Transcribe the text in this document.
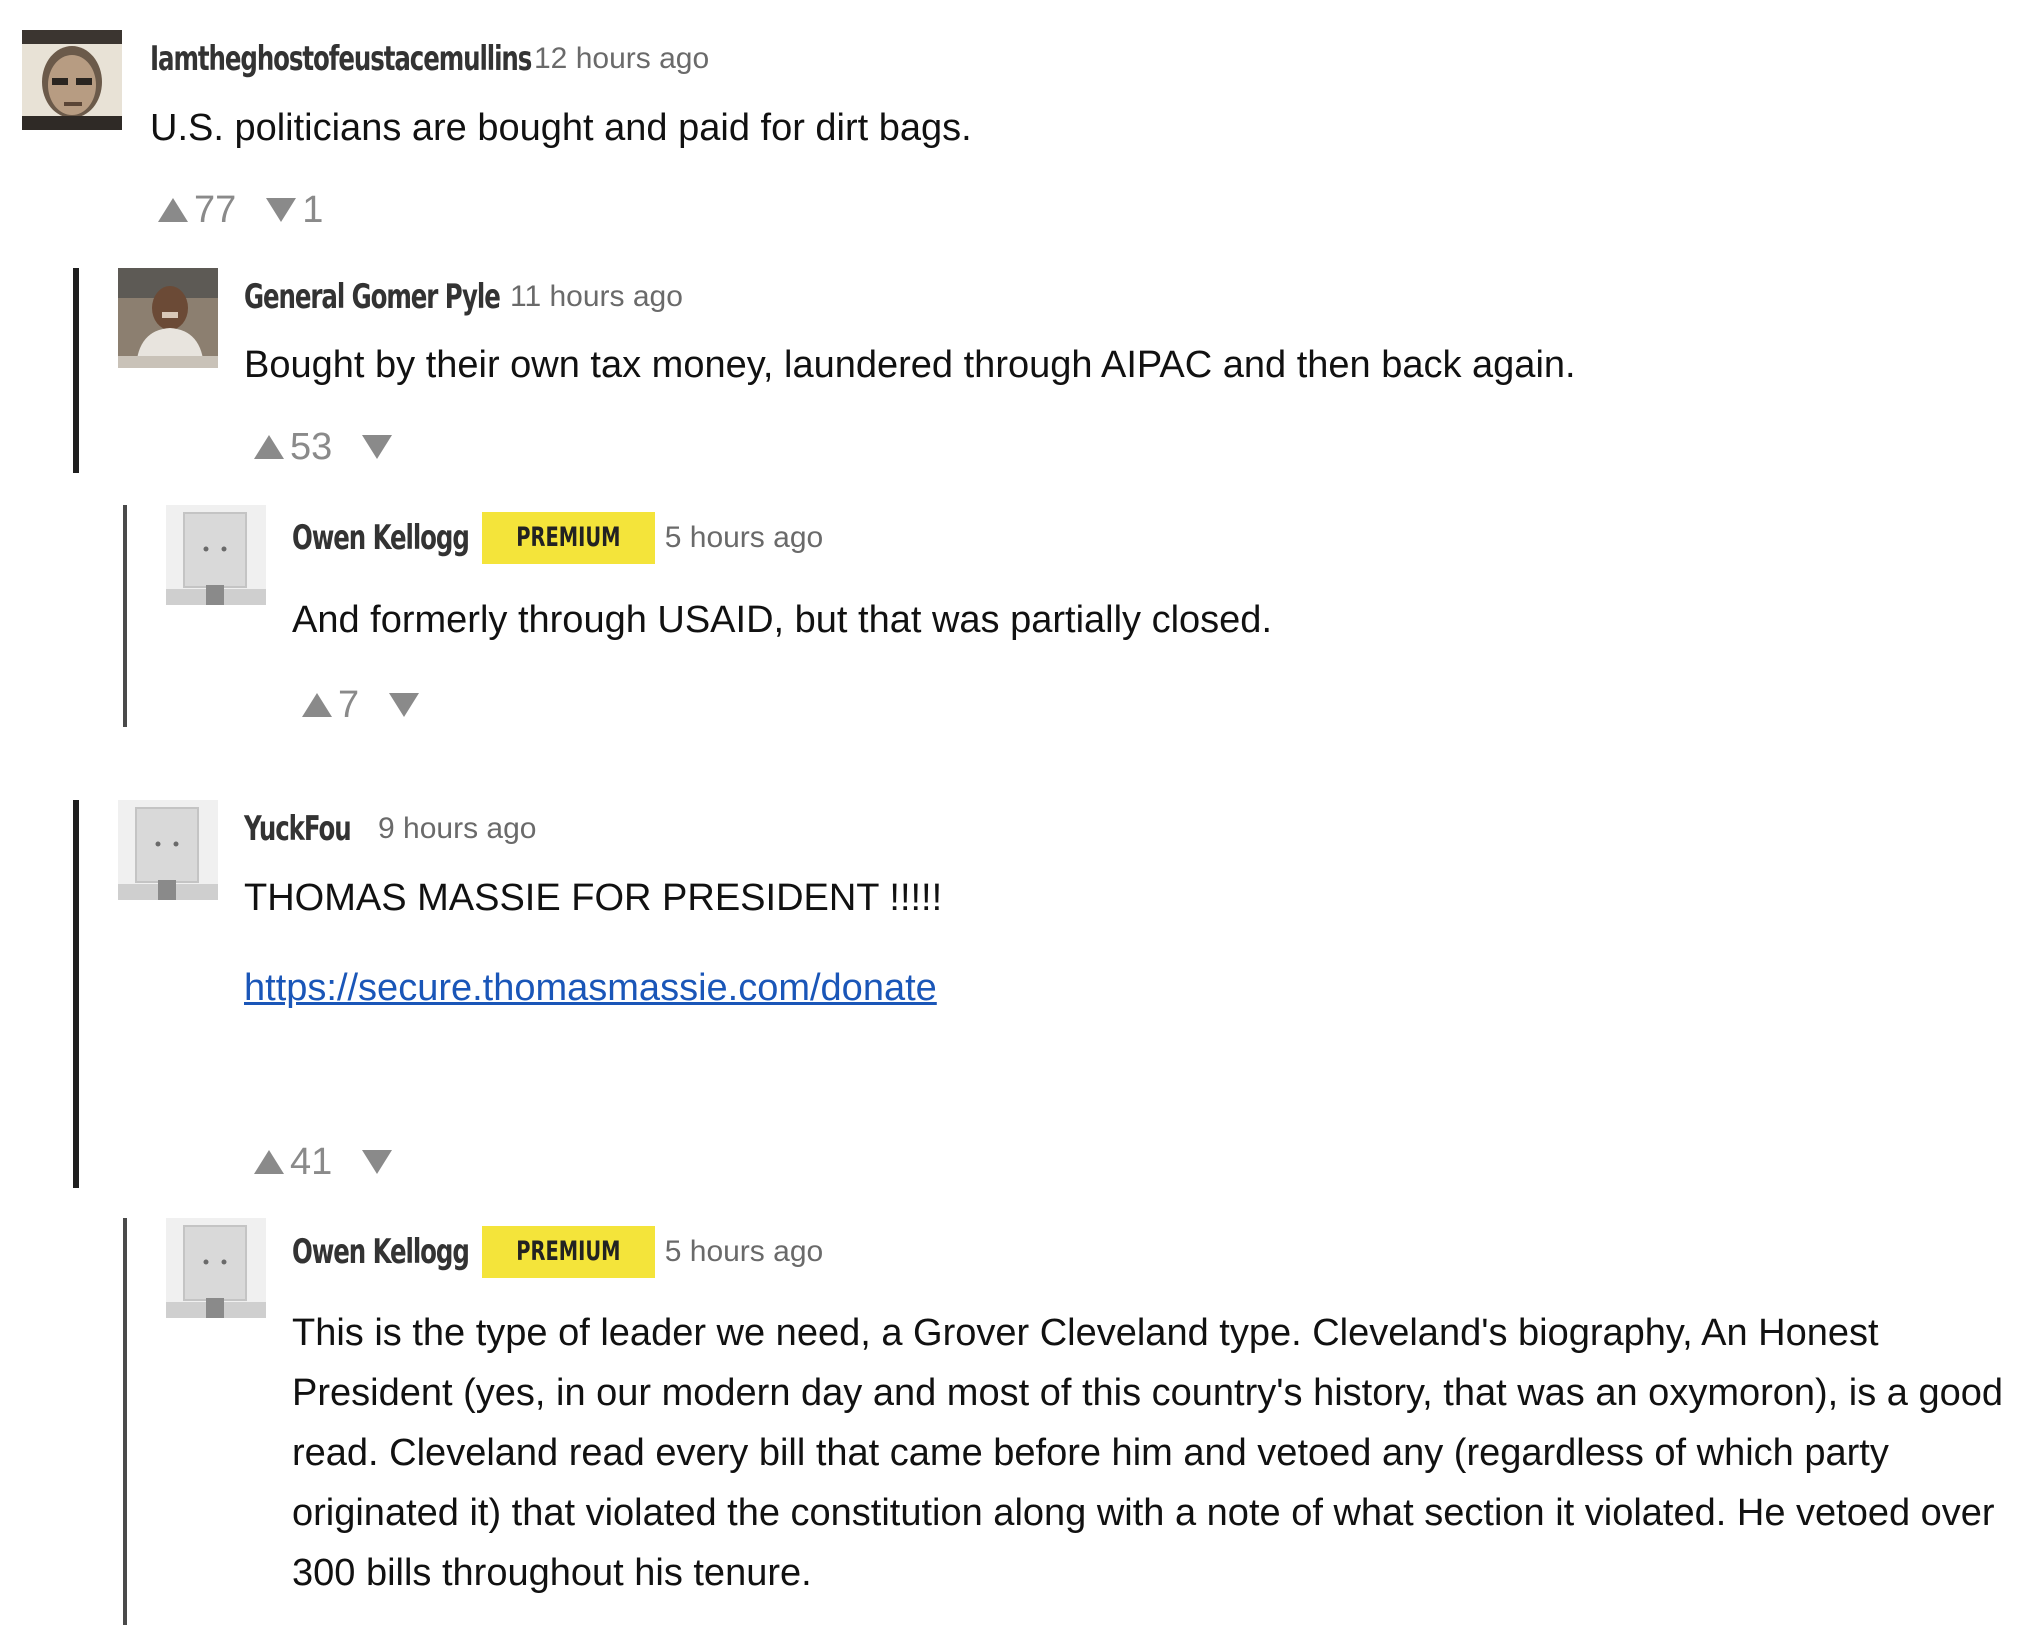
Iamtheghostofeustacemullins 12 hours ago

U.S. politicians are bought and paid for dirt bags.

77 1
General Gomer Pyle 11 hours ago

Bought by their own tax money, laundered through AIPAC and then back again.

53
Owen Kellogg	PREMIUM	5 hours ago

And formerly through USAID, but that was partially closed.

7
YuckFou 9 hours ago

THOMAS MASSIE FOR PRESIDENT !!!!!

https://secure.thomasmassie.com/donate

41
Owen Kellogg	PREMIUM	5 hours ago

This is the type of leader we need, a Grover Cleveland type. Cleveland's biography, An Honest President (yes, in our modern day and most of this country's history, that was an oxymoron), is a good read. Cleveland read every bill that came before him and vetoed any (regardless of which party originated it) that violated the constitution along with a note of what section it violated. He vetoed over 300 bills throughout his tenure.
